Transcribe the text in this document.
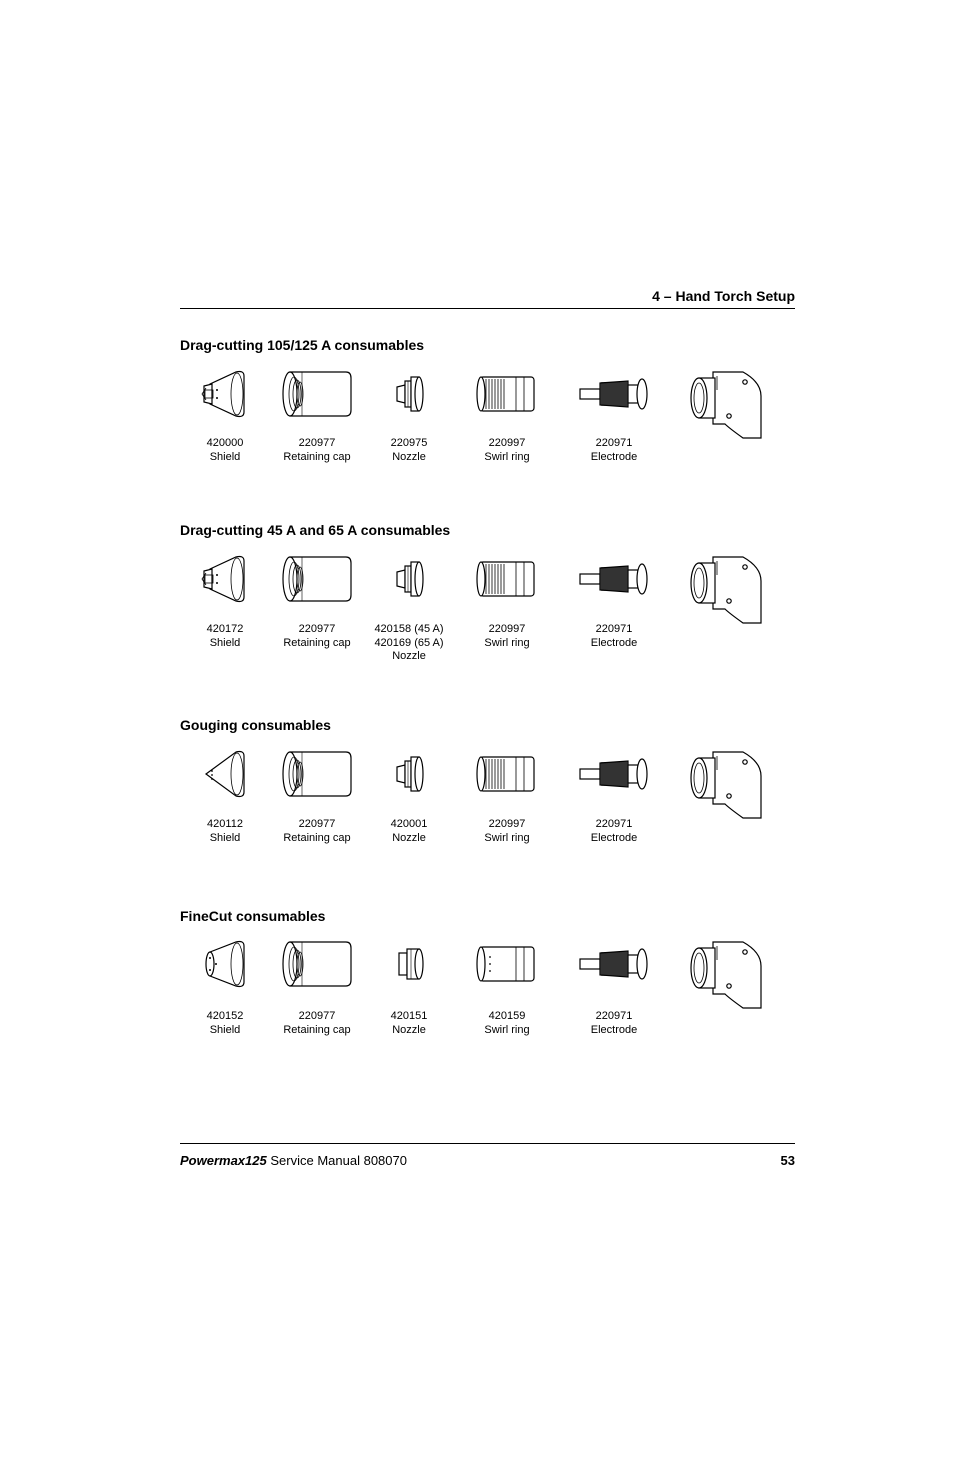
4 – Hand Torch Setup
Drag-cutting 105/125 A consumables
420000
Shield
220977
Retaining cap
220975
Nozzle
220997
Swirl ring
220971
Electrode
Drag-cutting 45 A and 65 A consumables
420172
Shield
220977
Retaining cap
420158 (45 A)
420169 (65 A)
Nozzle
220997
Swirl ring
220971
Electrode
Gouging consumables
420112
Shield
220977
Retaining cap
420001
Nozzle
220997
Swirl ring
220971
Electrode
FineCut consumables
420152
Shield
220977
Retaining cap
420151
Nozzle
420159
Swirl ring
220971
Electrode
Powermax125 Service Manual 808070	53
